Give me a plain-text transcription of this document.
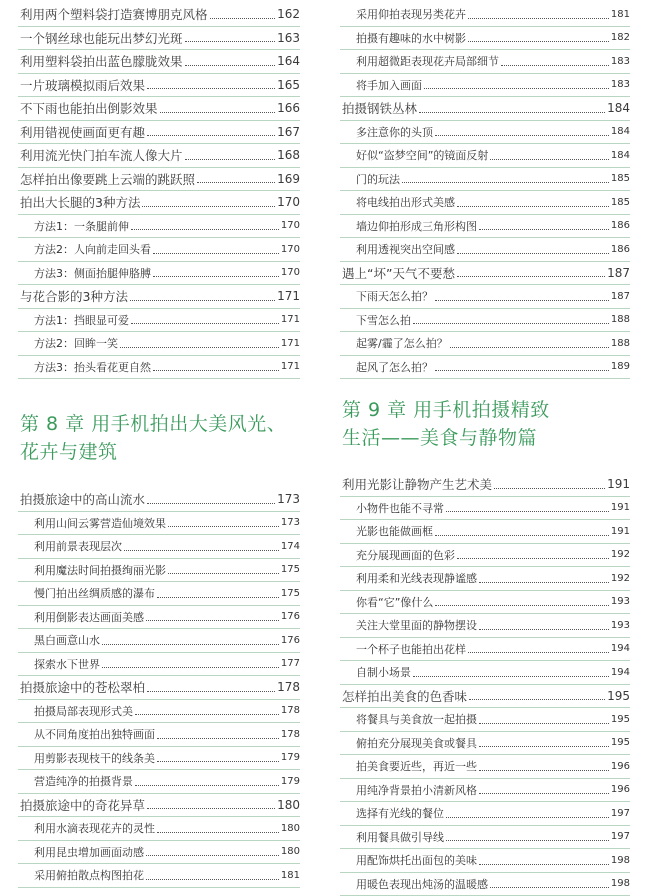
利用两个塑料袋打造赛博朋克风格	162
一个钢丝球也能玩出梦幻光斑	163
利用塑料袋拍出蓝色朦胧效果	164
一片玻璃模拟雨后效果	165
不下雨也能拍出倒影效果	166
利用错视使画面更有趣	167
利用流光快门拍车流人像大片	168
怎样拍出像要跳上云端的跳跃照	169
拍出大长腿的3种方法	170
方法1：一条腿前伸	170
方法2：人向前走回头看	170
方法3：侧面抬腿伸胳膊	170
与花合影的3种方法	171
方法1：挡眼显可爱	171
方法2：回眸一笑	171
方法3：抬头看花更自然	171
第 8 章 用手机拍出大美风光、
花卉与建筑
拍摄旅途中的高山流水	173
利用山间云雾营造仙境效果	173
利用前景表现层次	174
利用魔法时间拍摄绚丽光影	175
慢门拍出丝绸质感的瀑布	175
利用倒影表达画面美感	176
黑白画意山水	176
探索水下世界	177
拍摄旅途中的苍松翠柏	178
拍摄局部表现形式美	178
从不同角度拍出独特画面	178
用剪影表现枝干的线条美	179
营造纯净的拍摄背景	179
拍摄旅途中的奇花异草	180
利用水滴表现花卉的灵性	180
利用昆虫增加画面动感	180
采用俯拍散点构图拍花	181
采用仰拍表现另类花卉	181
拍摄有趣味的水中树影	182
利用超微距表现花卉局部细节	183
将手加入画面	183
拍摄钢铁丛林	184
多注意你的头顶	184
好似“盗梦空间”的镜面反射	184
门的玩法	185
将电线拍出形式美感	185
墙边仰拍形成三角形构图	186
利用透视突出空间感	186
遇上“坏”天气不要愁	187
下雨天怎么拍？	187
下雪怎么拍	188
起雾/霾了怎么拍？	188
起风了怎么拍？	189
第 9 章 用手机拍摄精致
生活——美食与静物篇
利用光影让静物产生艺术美	191
小物件也能不寻常	191
光影也能做画框	191
充分展现画面的色彩	192
利用柔和光线表现静谧感	192
你看“它”像什么	193
关注大堂里面的静物摆设	193
一个杯子也能拍出花样	194
自制小场景	194
怎样拍出美食的色香味	195
将餐具与美食放一起拍摄	195
俯拍充分展现美食或餐具	195
拍美食要近些，再近一些	196
用纯净背景拍小清新风格	196
选择有光线的餐位	197
利用餐具做引导线	197
用配饰烘托出面包的美味	198
用暖色表现出炖汤的温暖感	198
